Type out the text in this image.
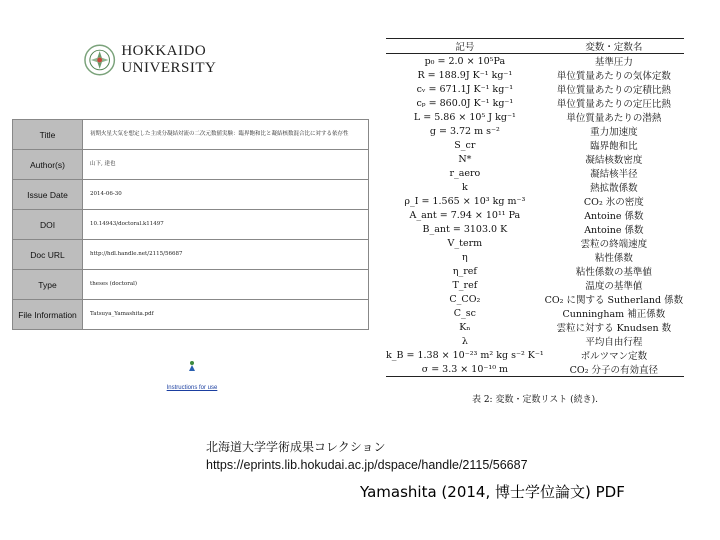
HOKKAIDO UNIVERSITY
Title	初期火星大気を想定した主成分凝結対流の二次元数値実験：臨界飽和比と凝結核数混合比に対する依存性
Author(s)	山下, 達也
Issue Date	2014-06-30
DOI	10.14943/doctoral.k11497
Doc URL	http://hdl.handle.net/2115/56687
Type	theses (doctoral)
File Information	Tatsuya_Yamashita.pdf
Instructions for use
記号	変数・定数名
p₀ = 2.0 × 10⁵Pa	基準圧力
R = 188.9J K⁻¹ kg⁻¹	単位質量あたりの気体定数
cᵥ = 671.1J K⁻¹ kg⁻¹	単位質量あたりの定積比熱
cₚ = 860.0J K⁻¹ kg⁻¹	単位質量あたりの定圧比熱
L = 5.86 × 10⁵ J kg⁻¹	単位質量あたりの潜熱
g = 3.72 m s⁻²	重力加速度
S_cr	臨界飽和比
N*	凝結核数密度
r_aero	凝結核半径
k	熱拡散係数
ρ_I = 1.565 × 10³ kg m⁻³	CO₂ 氷の密度
A_ant = 7.94 × 10¹¹ Pa	Antoine 係数
B_ant = 3103.0 K	Antoine 係数
V_term	雲粒の終端速度
η	粘性係数
η_ref	粘性係数の基準値
T_ref	温度の基準値
C_CO₂	CO₂ に関する Sutherland 係数
C_sc	Cunningham 補正係数
Kₙ	雲粒に対する Knudsen 数
λ	平均自由行程
k_B = 1.38 × 10⁻²³ m² kg s⁻² K⁻¹	ボルツマン定数
σ = 3.3 × 10⁻¹⁰ m	CO₂ 分子の有効直径
表 2: 変数・定数リスト (続き).
北海道大学学術成果コレクション
https://eprints.lib.hokudai.ac.jp/dspace/handle/2115/56687
Yamashita (2014, 博士学位論文) PDF
